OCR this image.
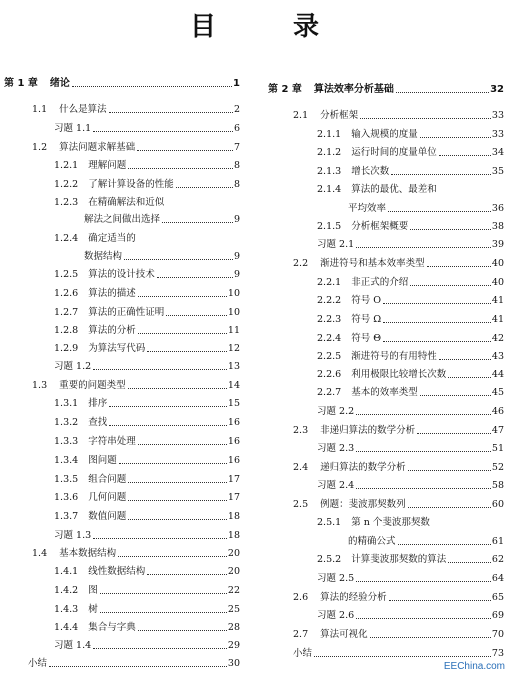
目 录
第 1 章 绪论	1
1.1 什么是算法	2
习题 1.1	6
1.2 算法问题求解基础	7
1.2.1 理解问题	8
1.2.2 了解计算设备的性能	8
1.2.3 在精确解法和近似
解法之间做出选择	9
1.2.4 确定适当的
数据结构	9
1.2.5 算法的设计技术	9
1.2.6 算法的描述	10
1.2.7 算法的正确性证明	10
1.2.8 算法的分析	11
1.2.9 为算法写代码	12
习题 1.2	13
1.3 重要的问题类型	14
1.3.1 排序	15
1.3.2 查找	16
1.3.3 字符串处理	16
1.3.4 图问题	16
1.3.5 组合问题	17
1.3.6 几何问题	17
1.3.7 数值问题	18
习题 1.3	18
1.4 基本数据结构	20
1.4.1 线性数据结构	20
1.4.2 图	22
1.4.3 树	25
1.4.4 集合与字典	28
习题 1.4	29
小结	30
第 2 章 算法效率分析基础	32
2.1 分析框架	33
2.1.1 输入规模的度量	33
2.1.2 运行时间的度量单位	34
2.1.3 增长次数	35
2.1.4 算法的最优、最差和
平均效率	36
2.1.5 分析框架概要	38
习题 2.1	39
2.2 渐进符号和基本效率类型	40
2.2.1 非正式的介绍	40
2.2.2 符号 O	41
2.2.3 符号 Ω	41
2.2.4 符号 Θ	42
2.2.5 渐进符号的有用特性	43
2.2.6 利用极限比较增长次数	44
2.2.7 基本的效率类型	45
习题 2.2	46
2.3 非递归算法的数学分析	47
习题 2.3	51
2.4 递归算法的数学分析	52
习题 2.4	58
2.5 例题：斐波那契数列	60
2.5.1 第 n 个斐波那契数
的精确公式	61
2.5.2 计算斐波那契数的算法	62
习题 2.5	64
2.6 算法的经验分析	65
习题 2.6	69
2.7 算法可视化	70
小结	73
EEChina.com
